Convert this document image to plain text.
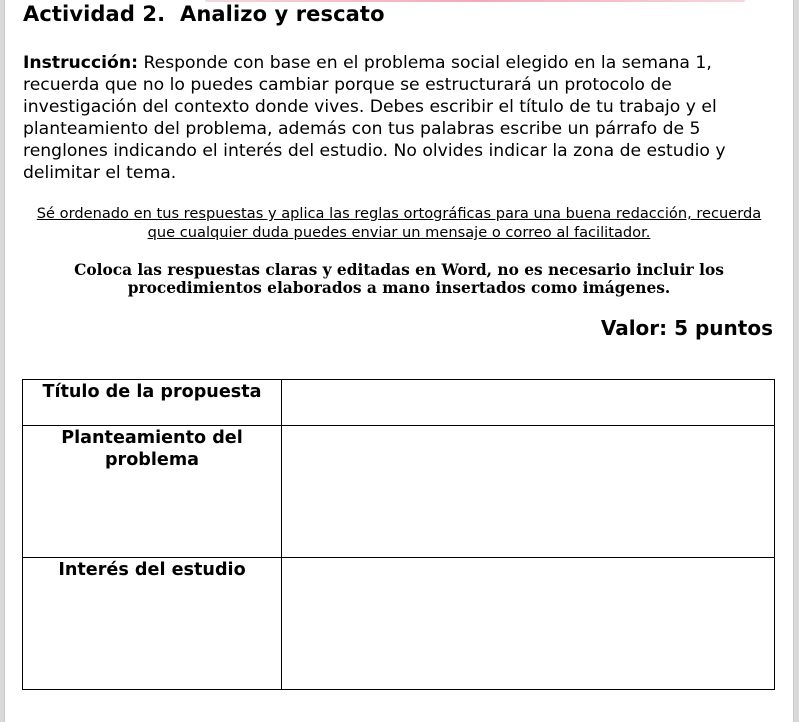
Actividad 2.  Analizo y rescato
Instrucción: Responde con base en el problema social elegido en la semana 1, recuerda que no lo puedes cambiar porque se estructurará un protocolo de investigación del contexto donde vives. Debes escribir el título de tu trabajo y el planteamiento del problema, además con tus palabras escribe un párrafo de 5 renglones indicando el interés del estudio. No olvides indicar la zona de estudio y delimitar el tema.
Sé ordenado en tus respuestas y aplica las reglas ortográficas para una buena redacción, recuerda que cualquier duda puedes enviar un mensaje o correo al facilitador.
Coloca las respuestas claras y editadas en Word, no es necesario incluir los procedimientos elaborados a mano insertados como imágenes.
Valor: 5 puntos
Título de la propuesta	
Planteamiento del problema	
Interés del estudio	
